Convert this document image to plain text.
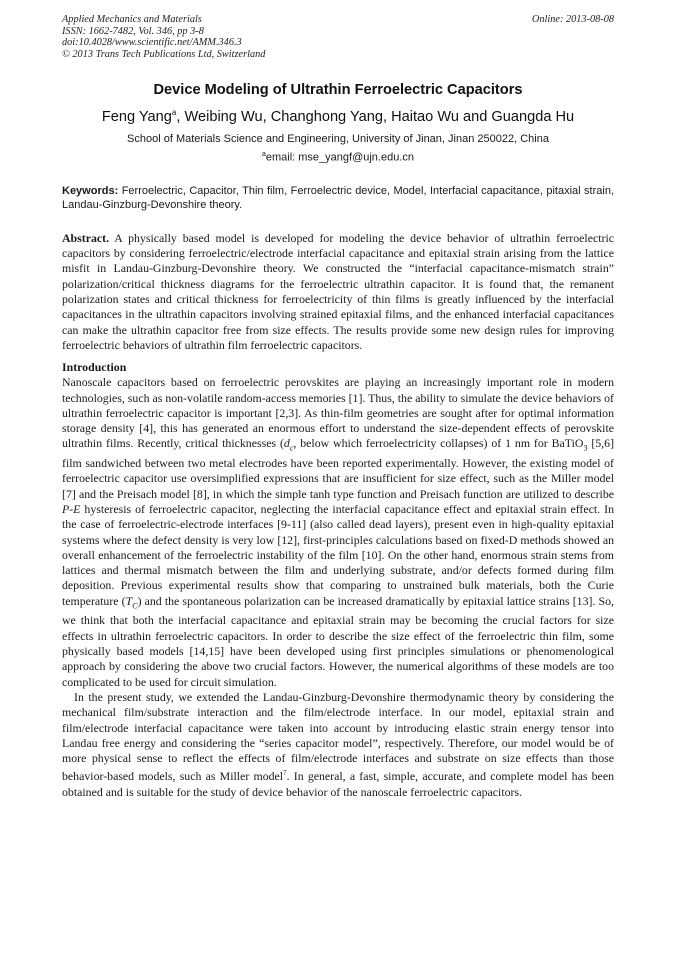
Applied Mechanics and Materials
ISSN: 1662-7482, Vol. 346, pp 3-8
doi:10.4028/www.scientific.net/AMM.346.3
© 2013 Trans Tech Publications Ltd, Switzerland
Online: 2013-08-08
Device Modeling of Ultrathin Ferroelectric Capacitors
Feng Yang$^a$, Weibing Wu, Changhong Yang, Haitao Wu and Guangda Hu
School of Materials Science and Engineering, University of Jinan, Jinan 250022, China
$^a$email: mse_yangf@ujn.edu.cn
Keywords: Ferroelectric, Capacitor, Thin film, Ferroelectric device, Model, Interfacial capacitance, pitaxial strain, Landau-Ginzburg-Devonshire theory.
Abstract. A physically based model is developed for modeling the device behavior of ultrathin ferroelectric capacitors by considering ferroelectric/electrode interfacial capacitance and epitaxial strain arising from the lattice misfit in Landau-Ginzburg-Devonshire theory. We constructed the “interfacial capacitance-mismatch strain” polarization/critical thickness diagrams for the ferroelectric ultrathin capacitor. It is found that, the remanent polarization states and critical thickness for ferroelectricity of thin films is greatly influenced by the interfacial capacitances in the ultrathin capacitors involving strained epitaxial films, and the enhanced interfacial capacitances can make the ultrathin capacitor free from size effects. The results provide some new design rules for improving ferroelectric behaviors of ultrathin film ferroelectric capacitors.
Introduction
Nanoscale capacitors based on ferroelectric perovskites are playing an increasingly important role in modern technologies, such as non-volatile random-access memories [1]. Thus, the ability to simulate the device behaviors of ultrathin ferroelectric capacitor is important [2,3]. As thin-film geometries are sought after for optimal information storage density [4], this has generated an enormous effort to understand the size-dependent effects of perovskite ultrathin films. Recently, critical thicknesses ($d_c$, below which ferroelectricity collapses) of 1 nm for BaTiO$_3$ [5,6] film sandwiched between two metal electrodes have been reported experimentally. However, the existing model of ferroelectric capacitor use oversimplified expressions that are insufficient for size effect, such as the Miller model [7] and the Preisach model [8], in which the simple tanh type function and Preisach function are utilized to describe P-E hysteresis of ferroelectric capacitor, neglecting the interfacial capacitance effect and epitaxial strain effect. In the case of ferroelectric-electrode interfaces [9-11] (also called dead layers), present even in high-quality epitaxial systems where the defect density is very low [12], first-principles calculations based on fixed-D methods showed an overall enhancement of the ferroelectric instability of the film [10]. On the other hand, enormous strain stems from lattices and thermal mismatch between the film and underlying substrate, and/or defects formed during film deposition. Previous experimental results show that comparing to unstrained bulk materials, both the Curie temperature $(T_C)$ and the spontaneous polarization can be increased dramatically by epitaxial lattice strains [13]. So, we think that both the interfacial capacitance and epitaxial strain may be becoming the crucial factors for size effects in ultrathin ferroelectric capacitors. In order to describe the size effect of the ferroelectric thin film, some physically based models [14,15] have been developed using first principles simulations or phenomenological approach by considering the above two crucial factors. However, the numerical algorithms of these models are too complicated to be used for circuit simulation.
In the present study, we extended the Landau-Ginzburg-Devonshire thermodynamic theory by considering the mechanical film/substrate interaction and the film/electrode interface. In our model, epitaxial strain and film/electrode interfacial capacitance were taken into account by introducing elastic strain energy tensor into Landau free energy and considering the “series capacitor model”, respectively. Therefore, our model would be of more physical sense to reflect the effects of film/electrode interfaces and substrate on size effects than those behavior-based models, such as Miller model$^7$. In general, a fast, simple, accurate, and complete model has been obtained and is suitable for the study of device behavior of the nanoscale ferroelectric capacitors.
